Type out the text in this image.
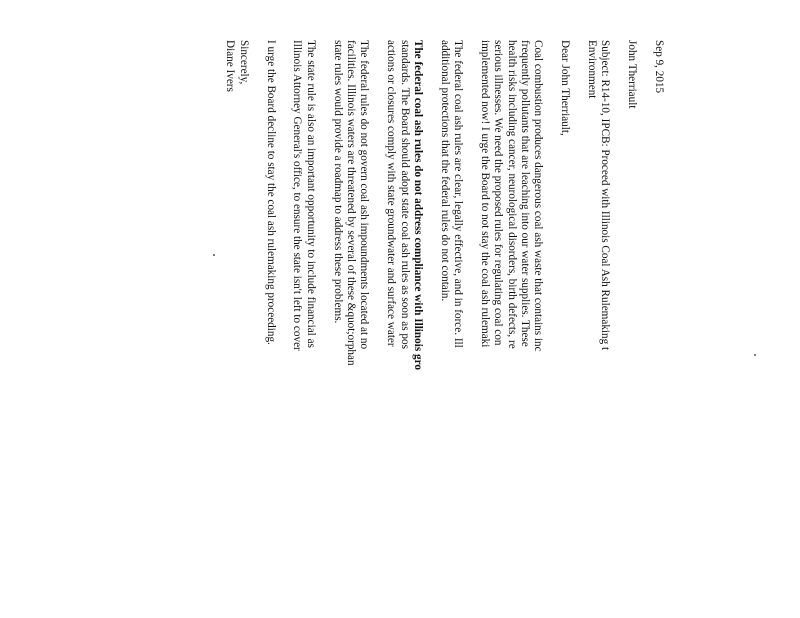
Sep 9, 2015
John Therriault
Subject: R14-10, IPCB: Proceed with Illinois Coal Ash Rulemaking t
Environment
Dear John Therriault,
Coal combustion produces dangerous coal ash waste that contains inc
frequently pollutants that are leaching into our water supplies. These
health risks including cancer, neurological disorders, birth defects, re
serious illnesses. We need the proposed rules for regulating coal con
implemented now! I urge the Board to not stay the coal ash rulemaki
The federal coal ash rules are clear, legally effective, and in force. Ill
additional protections that the federal rules do not contain.
The federal coal ash rules do not address compliance with Illinois gro
standards. The Board should adopt state coal ash rules as soon as pos
actions or closures comply with state groundwater and surface water
The federal rules do not govern coal ash impoundments located at no
facilities. Illinois waters are threatened by several of these &quot;orphan
state rules would provide a roadmap to address these problems.
The state rule is also an important opportunity to include financial as
Illinois Attorney General's office, to ensure the state isn't left to cover
I urge the Board decline to stay the coal ash rulemaking proceeding.
Sincerely,
Diane Ivers
